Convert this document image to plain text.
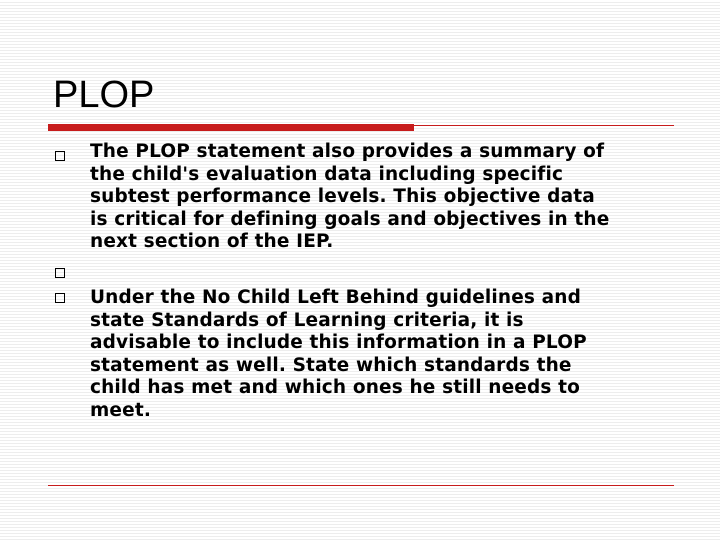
PLOP
The PLOP statement also provides a summary of
the child's evaluation data including specific
subtest performance levels. This objective data
is critical for defining goals and objectives in the
next section of the IEP.
Under the No Child Left Behind guidelines and
state Standards of Learning criteria, it is
advisable to include this information in a PLOP
statement as well. State which standards the
child has met and which ones he still needs to
meet.
